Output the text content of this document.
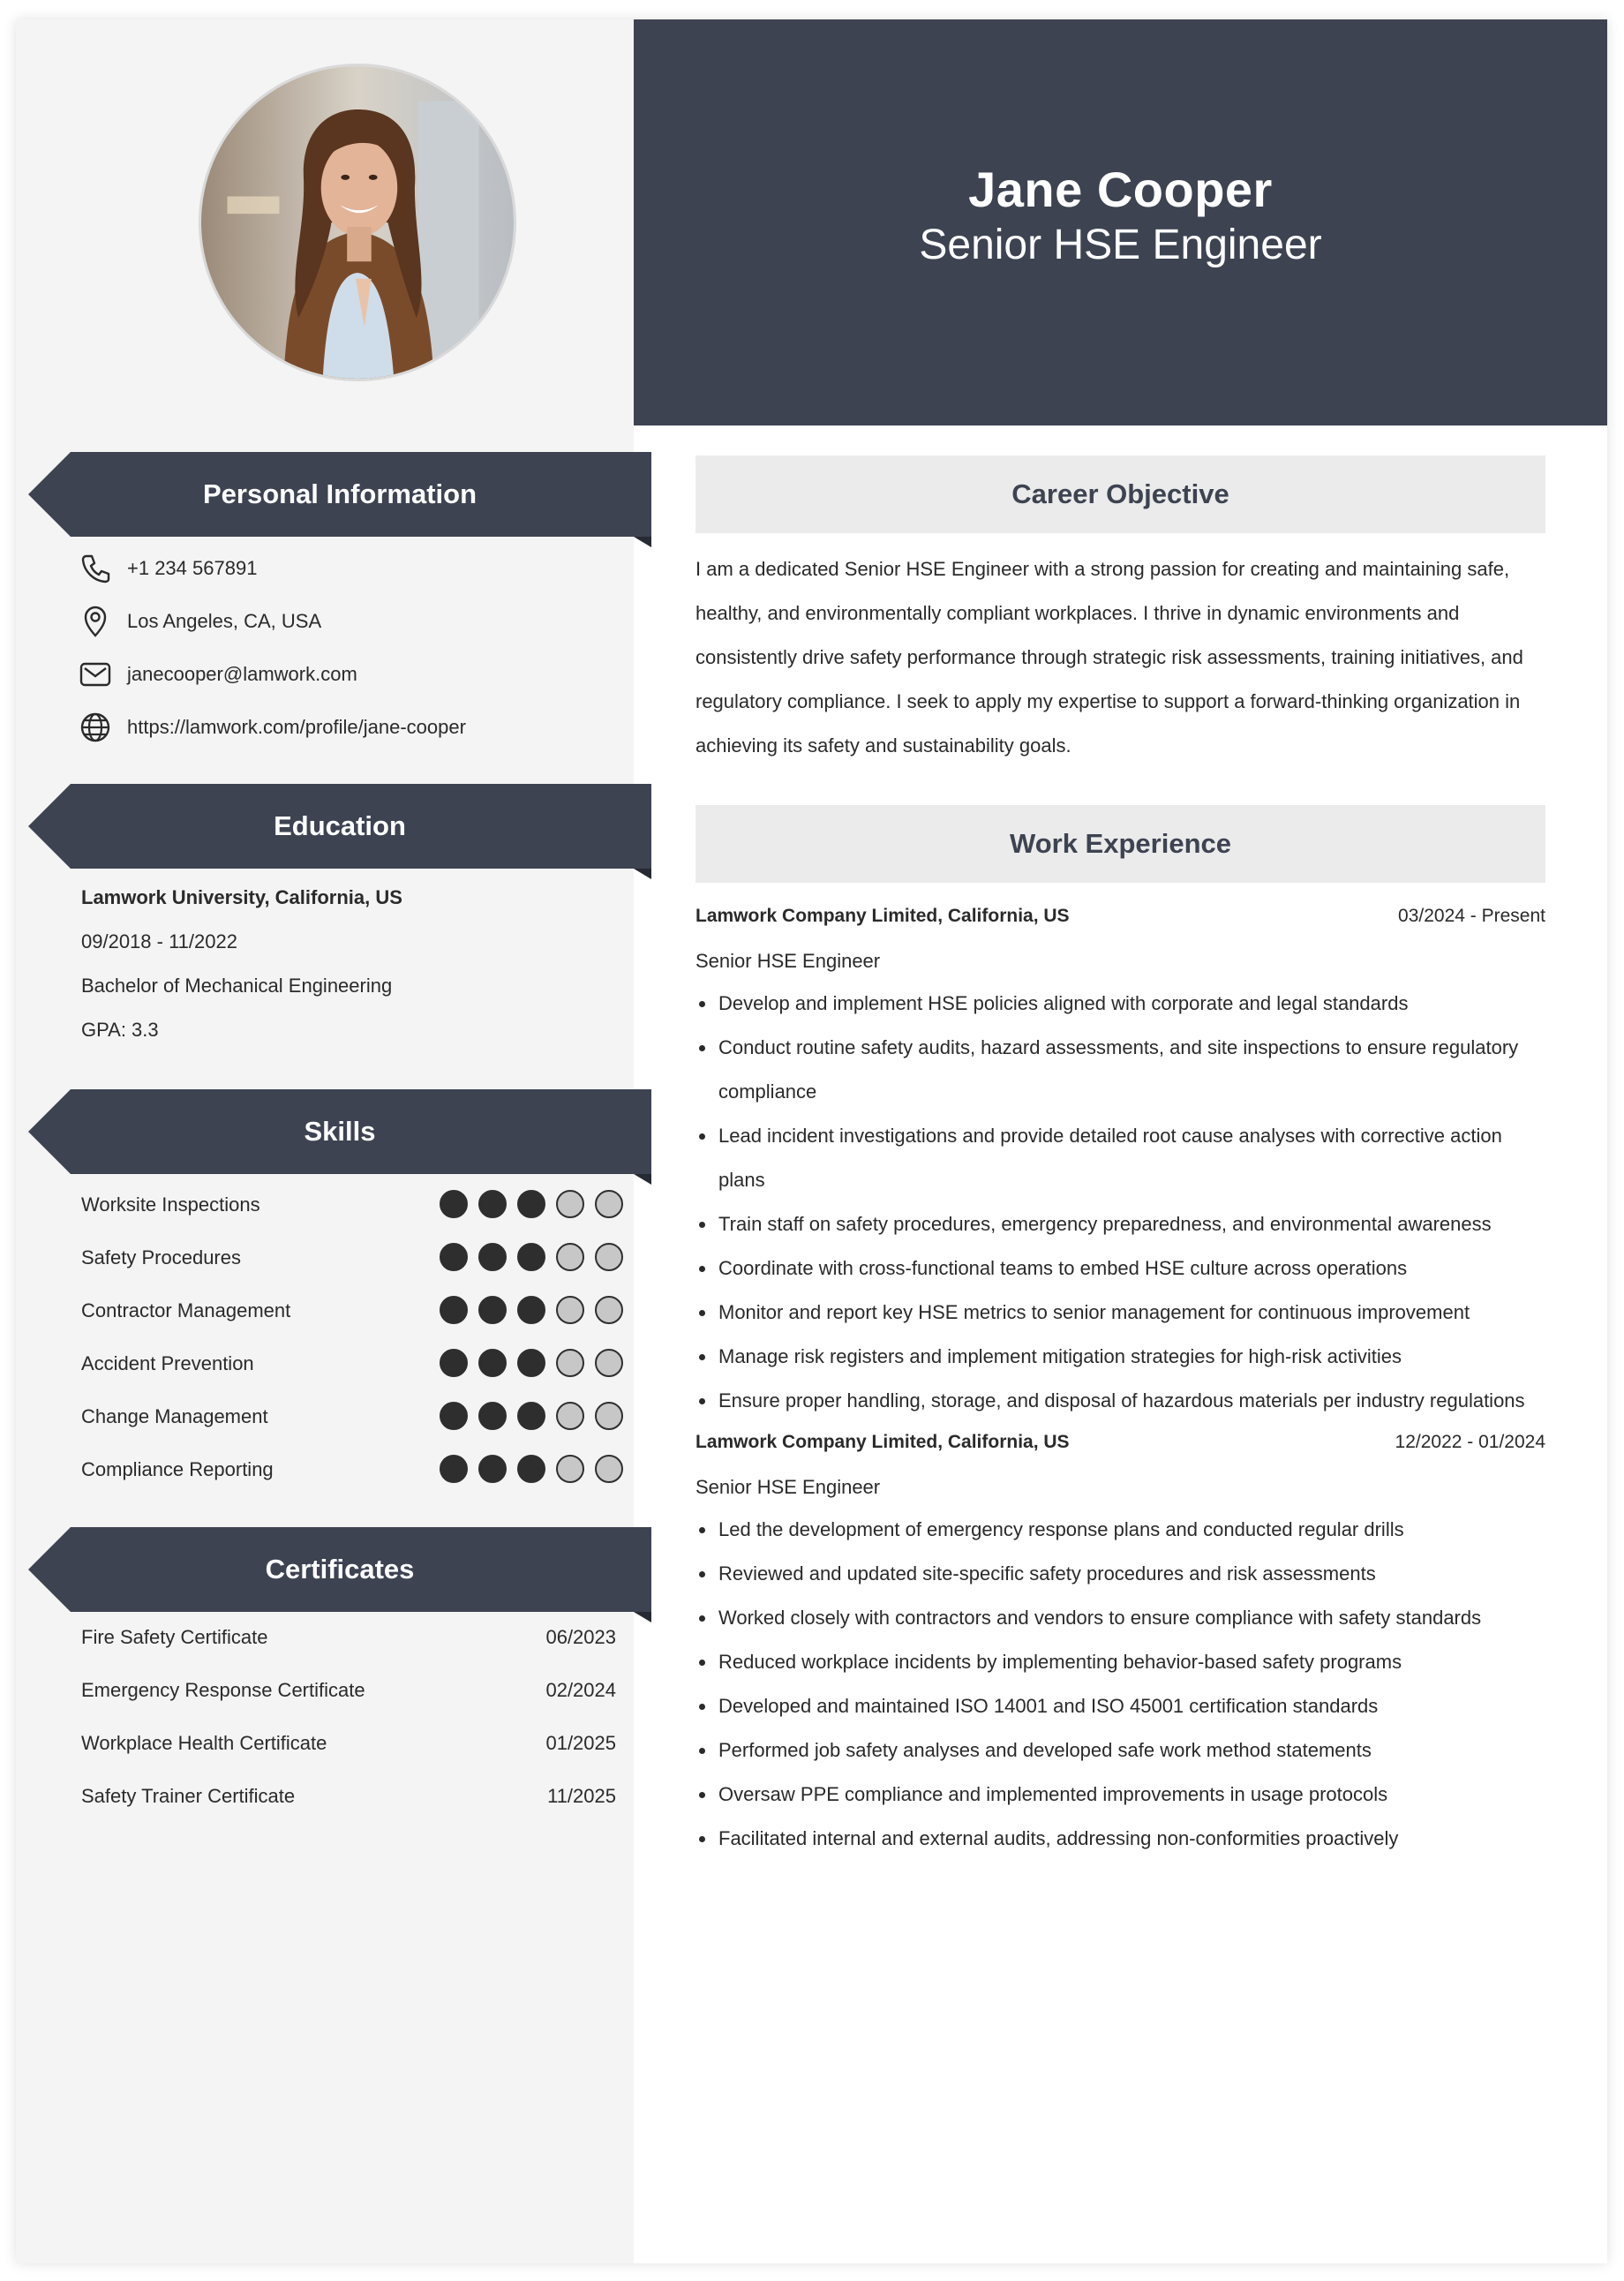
Jane Cooper
Senior HSE Engineer
Personal Information
+1 234 567891
Los Angeles, CA, USA
janecooper@lamwork.com
https://lamwork.com/profile/jane-cooper
Education
Lamwork University, California, US
09/2018 - 11/2022
Bachelor of Mechanical Engineering
GPA: 3.3
Skills
Certificates
Career Objective
I am a dedicated Senior HSE Engineer with a strong passion for creating and maintaining safe, healthy, and environmentally compliant workplaces. I thrive in dynamic environments and consistently drive safety performance through strategic risk assessments, training initiatives, and regulatory compliance. I seek to apply my expertise to support a forward-thinking organization in achieving its safety and sustainability goals.
Work Experience
Worksite Inspections
Safety Procedures
Contractor Management
Accident Prevention
Change Management
Compliance Reporting
Fire Safety Certificate	06/2023
Emergency Response Certificate	02/2024
Workplace Health Certificate	01/2025
Safety Trainer Certificate	11/2025
Lamwork Company Limited, California, US	03/2024 - Present
Senior HSE Engineer
Develop and implement HSE policies aligned with corporate and legal standards
Conduct routine safety audits, hazard assessments, and site inspections to ensure regulatory compliance
Lead incident investigations and provide detailed root cause analyses with corrective action plans
Train staff on safety procedures, emergency preparedness, and environmental awareness
Coordinate with cross-functional teams to embed HSE culture across operations
Monitor and report key HSE metrics to senior management for continuous improvement
Manage risk registers and implement mitigation strategies for high-risk activities
Ensure proper handling, storage, and disposal of hazardous materials per industry regulations
Lamwork Company Limited, California, US	12/2022 - 01/2024
Senior HSE Engineer
Led the development of emergency response plans and conducted regular drills
Reviewed and updated site-specific safety procedures and risk assessments
Worked closely with contractors and vendors to ensure compliance with safety standards
Reduced workplace incidents by implementing behavior-based safety programs
Developed and maintained ISO 14001 and ISO 45001 certification standards
Performed job safety analyses and developed safe work method statements
Oversaw PPE compliance and implemented improvements in usage protocols
Facilitated internal and external audits, addressing non-conformities proactively
